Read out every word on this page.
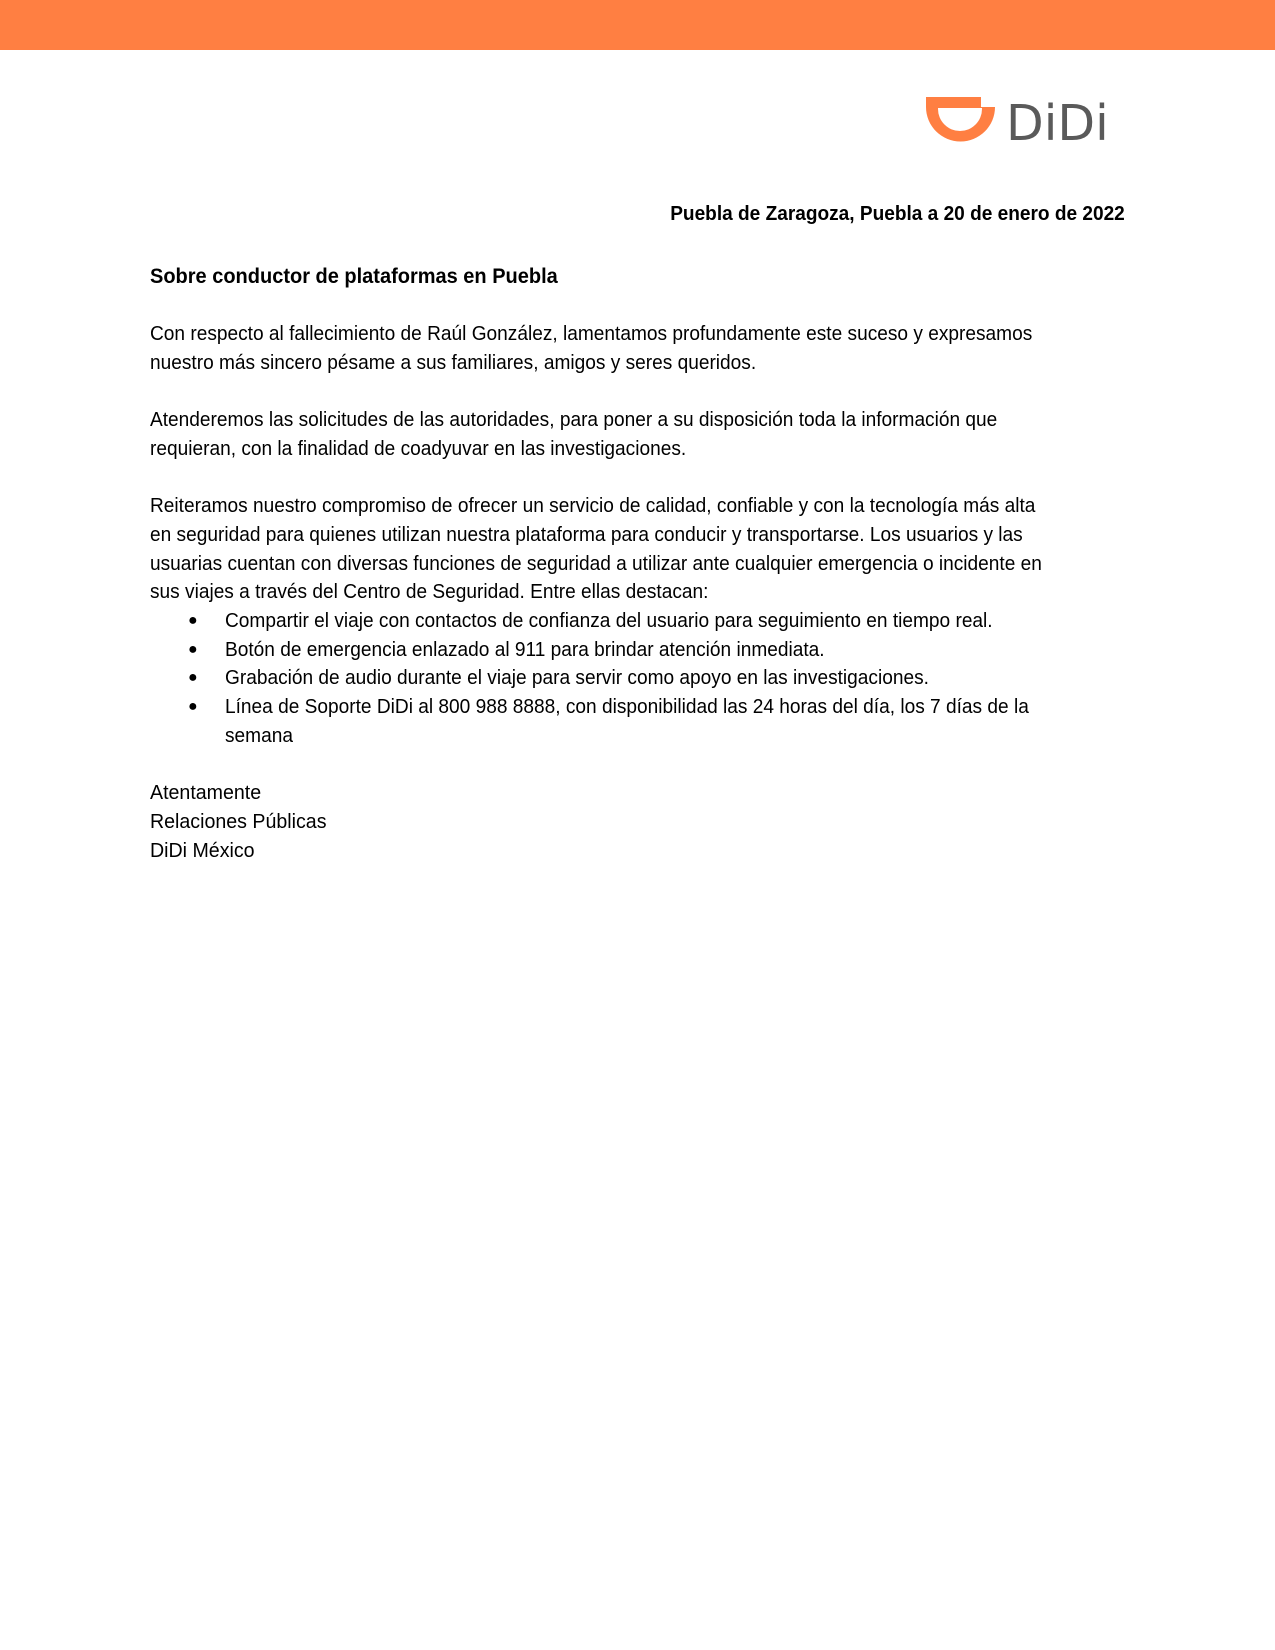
DiDi
Puebla de Zaragoza, Puebla a 20 de enero de 2022
Sobre conductor de plataformas en Puebla
Con respecto al fallecimiento de Raúl González, lamentamos profundamente este suceso y expresamos
nuestro más sincero pésame a sus familiares, amigos y seres queridos.
Atenderemos las solicitudes de las autoridades, para poner a su disposición toda la información que
requieran, con la finalidad de coadyuvar en las investigaciones.
Reiteramos nuestro compromiso de ofrecer un servicio de calidad, confiable y con la tecnología más alta
en seguridad para quienes utilizan nuestra plataforma para conducir y transportarse. Los usuarios y las
usuarias cuentan con diversas funciones de seguridad a utilizar ante cualquier emergencia o incidente en
sus viajes a través del Centro de Seguridad. Entre ellas destacan:
● Compartir el viaje con contactos de confianza del usuario para seguimiento en tiempo real.
● Botón de emergencia enlazado al 911 para brindar atención inmediata.
● Grabación de audio durante el viaje para servir como apoyo en las investigaciones.
● Línea de Soporte DiDi al 800 988 8888, con disponibilidad las 24 horas del día, los 7 días de la
semana
Atentamente
Relaciones Públicas
DiDi México
